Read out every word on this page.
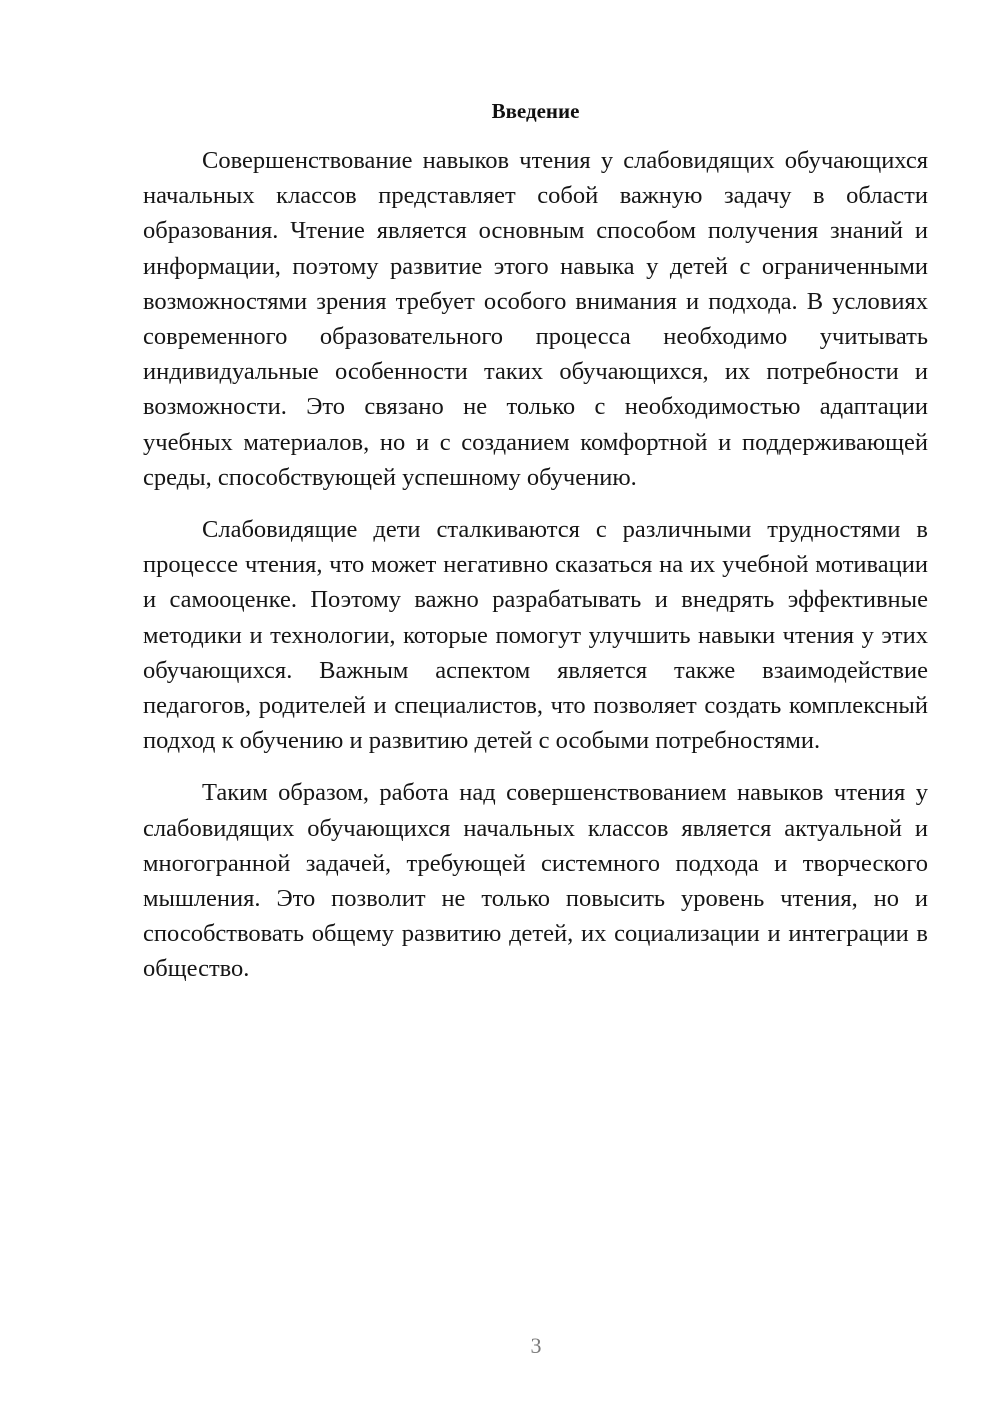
Введение

Совершенствование навыков чтения у слабовидящих обучающихся начальных классов представляет собой важную задачу в области образования. Чтение является основным способом получения знаний и информации, поэтому развитие этого навыка у детей с ограниченными возможностями зрения требует особого внимания и подхода. В условиях современного образовательного процесса необходимо учитывать индивидуальные особенности таких обучающихся, их потребности и возможности. Это связано не только с необходимостью адаптации учебных материалов, но и с созданием комфортной и поддерживающей среды, способствующей успешному обучению.

Слабовидящие дети сталкиваются с различными трудностями в процессе чтения, что может негативно сказаться на их учебной мотивации и самооценке. Поэтому важно разрабатывать и внедрять эффективные методики и технологии, которые помогут улучшить навыки чтения у этих обучающихся. Важным аспектом является также взаимодействие педагогов, родителей и специалистов, что позволяет создать комплексный подход к обучению и развитию детей с особыми потребностями.

Таким образом, работа над совершенствованием навыков чтения у слабовидящих обучающихся начальных классов является актуальной и многогранной задачей, требующей системного подхода и творческого мышления. Это позволит не только повысить уровень чтения, но и способствовать общему развитию детей, их социализации и интеграции в общество.

3
